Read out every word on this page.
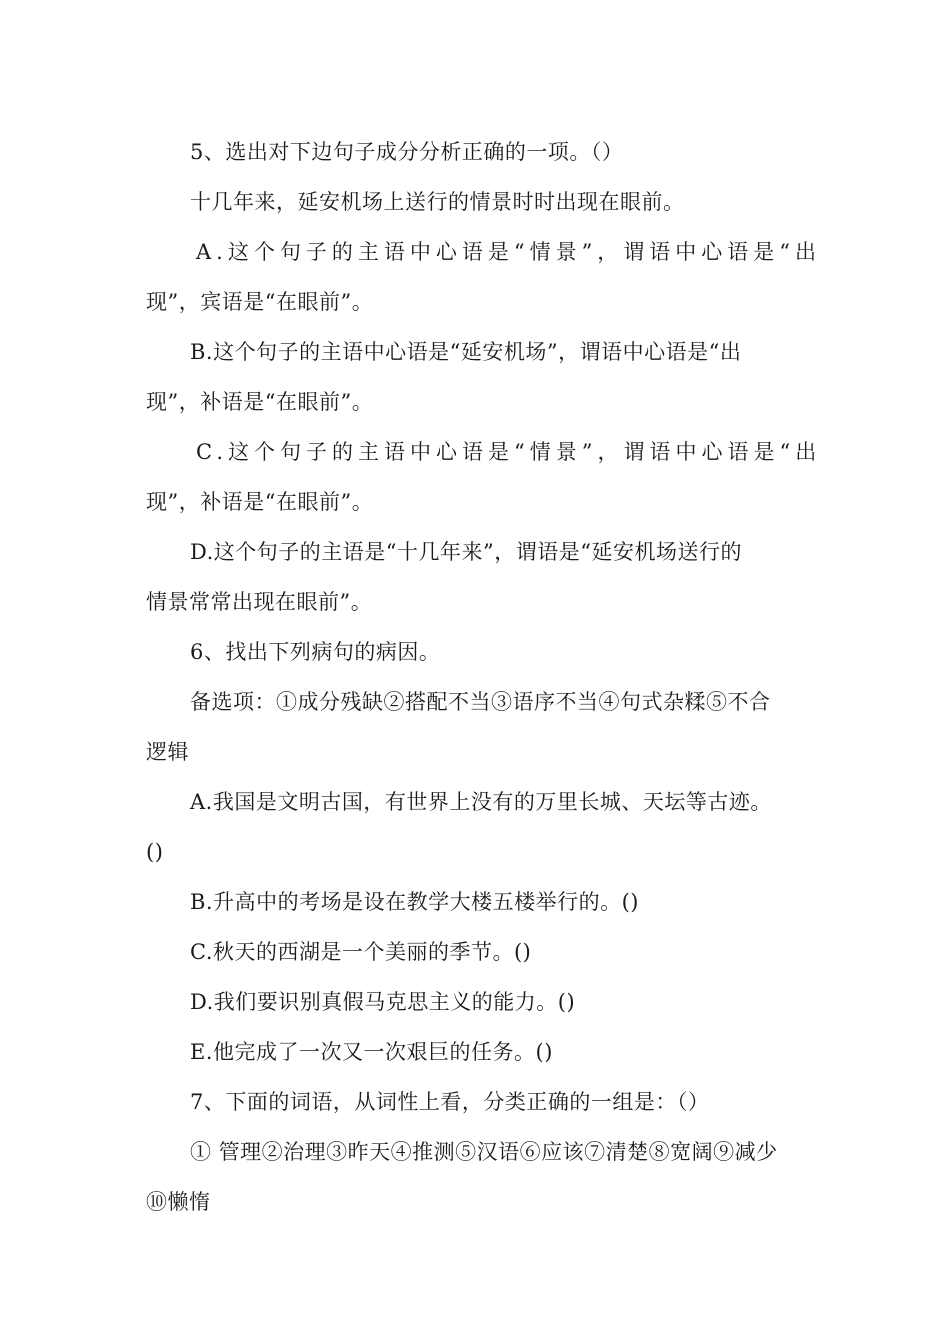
5、选出对下边句子成分分析正确的一项。（）
十几年来，延安机场上送行的情景时时出现在眼前。
A.这个句子的主语中心语是“情景”，谓语中心语是“出
现”，宾语是“在眼前”。
B.这个句子的主语中心语是“延安机场”，谓语中心语是“出
现”，补语是“在眼前”。
C.这个句子的主语中心语是“情景”，谓语中心语是“出
现”，补语是“在眼前”。
D.这个句子的主语是“十几年来”，谓语是“延安机场送行的
情景常常出现在眼前”。
6、找出下列病句的病因。
备选项：①成分残缺②搭配不当③语序不当④句式杂糅⑤不合
逻辑
A.我国是文明古国，有世界上没有的万里长城、天坛等古迹。
()
B.升高中的考场是设在教学大楼五楼举行的。()
C.秋天的西湖是一个美丽的季节。()
D.我们要识别真假马克思主义的能力。()
E.他完成了一次又一次艰巨的任务。()
7、下面的词语，从词性上看，分类正确的一组是：（）
① 管理②治理③昨天④推测⑤汉语⑥应该⑦清楚⑧宽阔⑨减少
⑩懒惰
